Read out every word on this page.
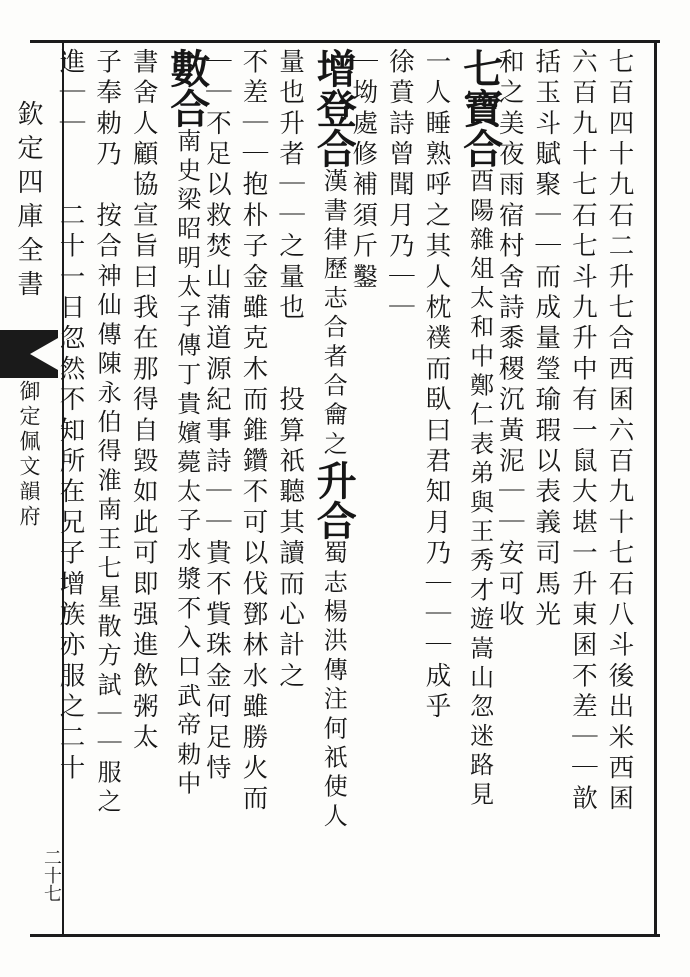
欽定四庫全書
御定佩文韻府
二十七
七百四十九石二升七合西囷六百九十七石八斗後出米西囷
六百九十七石七斗九升中有一鼠大堪一升東囷不差｜｜歆
括玉斗賦聚｜｜而成量瑩瑜瑕以表義司馬光
和之美夜雨宿村舍詩黍稷沉黃泥｜｜安可收
七寶合酉陽雜俎太和中鄭仁表弟與王秀才遊嵩山忽迷路見
一人睡熟呼之其人枕襆而臥曰君知月乃｜｜｜成乎
徐賁詩曾聞月乃｜｜
｜坳處修補須斤鑿
增登合漢書律歷志合者合龠之升合蜀志楊洪傳注何祇使人
量也升者｜｜之量也　　投算祇聽其讀而心計之
不差｜｜抱朴子金雖克木而錐鑽不可以伐鄧林水雖勝火而
｜｜不足以救焚山蒲道源紀事詩｜｜貴不貲珠金何足恃
數合南史梁昭明太子傳丁貴嬪薨太子水漿不入口武帝勅中
書舍人顧協宣旨曰我在那得自毀如此可即强進飲粥太
子奉勅乃　按合神仙傳陳永伯得淮南王七星散方試｜｜服之
進｜｜　　二十一日忽然不知所在兄子增族亦服之二十
